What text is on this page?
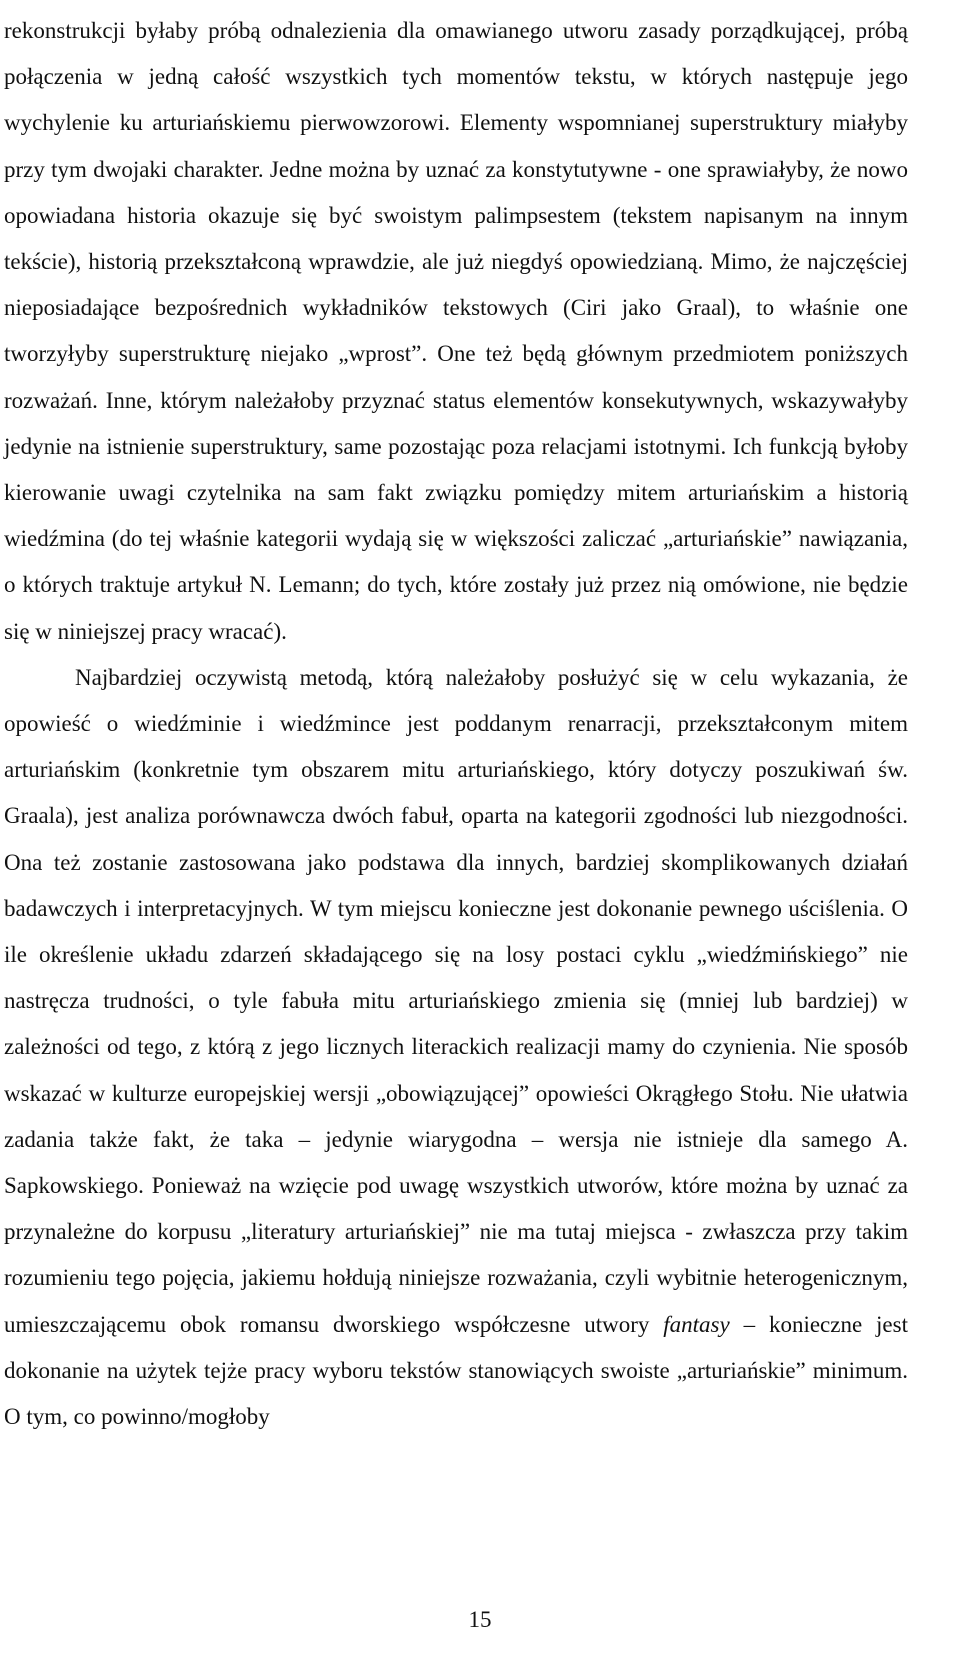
rekonstrukcji byłaby próbą odnalezienia dla omawianego utworu zasady porządkującej, próbą połączenia w jedną całość wszystkich tych momentów tekstu, w których następuje jego wychylenie ku arturiańskiemu pierwowzorowi. Elementy wspomnianej superstruktury miałyby przy tym dwojaki charakter. Jedne można by uznać za konstytutywne - one sprawiałyby, że nowo opowiadana historia okazuje się być swoistym palimpsestem (tekstem napisanym na innym tekście), historią przekształconą wprawdzie, ale już niegdyś opowiedzianą. Mimo, że najczęściej nieposiadające bezpośrednich wykładników tekstowych (Ciri jako Graal), to właśnie one tworzyłyby superstrukturę niejako „wprost”. One też będą głównym przedmiotem poniższych rozważań. Inne, którym należałoby przyznać status elementów konsekutywnych, wskazywałyby jedynie na istnienie superstruktury, same pozostając poza relacjami istotnymi. Ich funkcją byłoby kierowanie uwagi czytelnika na sam fakt związku pomiędzy mitem arturiańskim a historią wiedźmina (do tej właśnie kategorii wydają się w większości zaliczać „arturiańskie” nawiązania, o których traktuje artykuł N. Lemann; do tych, które zostały już przez nią omówione, nie będzie się w niniejszej pracy wracać).

Najbardziej oczywistą metodą, którą należałoby posłużyć się w celu wykazania, że opowieść o wiedźminie i wiedźmince jest poddanym renarracji, przekształconym mitem arturiańskim (konkretnie tym obszarem mitu arturiańskiego, który dotyczy poszukiwań św. Graala), jest analiza porównawcza dwóch fabuł, oparta na kategorii zgodności lub niezgodności. Ona też zostanie zastosowana jako podstawa dla innych, bardziej skomplikowanych działań badawczych i interpretacyjnych. W tym miejscu konieczne jest dokonanie pewnego uściślenia. O ile określenie układu zdarzeń składającego się na losy postaci cyklu „wiedźmińskiego” nie nastręcza trudności, o tyle fabuła mitu arturiańskiego zmienia się (mniej lub bardziej) w zależności od tego, z którą z jego licznych literackich realizacji mamy do czynienia. Nie sposób wskazać w kulturze europejskiej wersji „obowiązującej” opowieści Okrągłego Stołu. Nie ułatwia zadania także fakt, że taka – jedynie wiarygodna – wersja nie istnieje dla samego A. Sapkowskiego. Ponieważ na wzięcie pod uwagę wszystkich utworów, które można by uznać za przynależne do korpusu „literatury arturiańskiej” nie ma tutaj miejsca - zwłaszcza przy takim rozumieniu tego pojęcia, jakiemu hołdują niniejsze rozważania, czyli wybitnie heterogenicznym, umieszczającemu obok romansu dworskiego współczesne utwory fantasy – konieczne jest dokonanie na użytek tejże pracy wyboru tekstów stanowiących swoiste „arturiańskie” minimum. O tym, co powinno/mogłoby

15
